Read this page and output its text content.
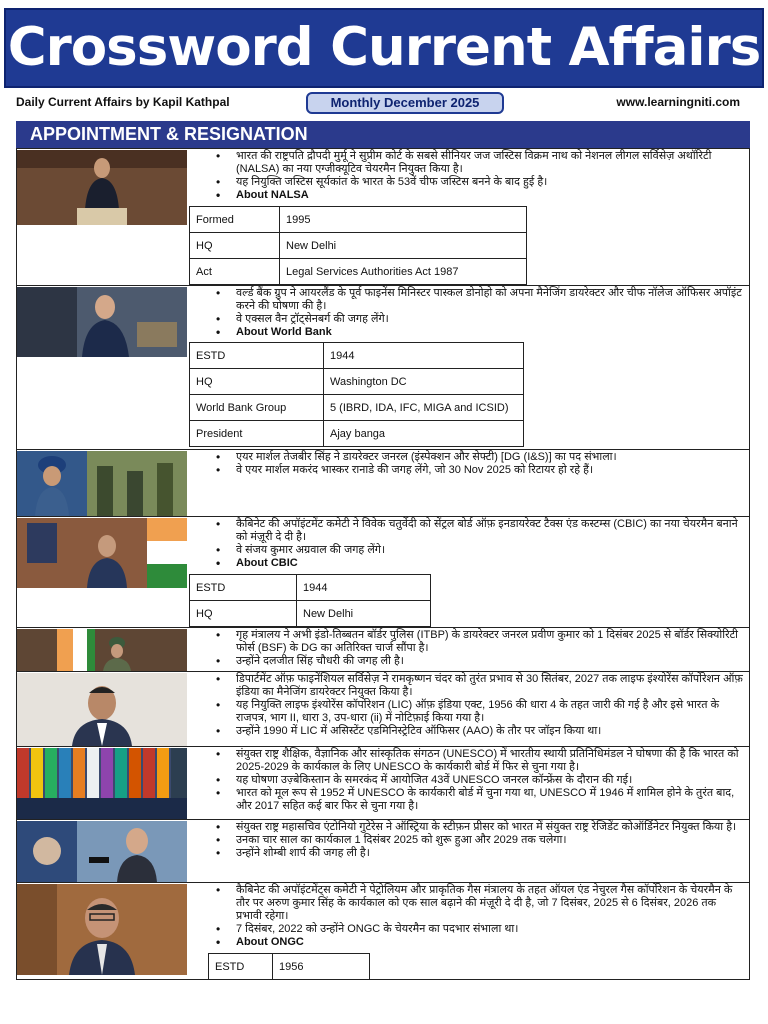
Crossword Current Affairs
Daily Current Affairs by Kapil Kathpal	Monthly December 2025	www.learningniti.com
APPOINTMENT & RESIGNATION
• भारत की राष्ट्रपति द्रौपदी मुर्मू ने सुप्रीम कोर्ट के सबसे सीनियर जज जस्टिस विक्रम नाथ को नेशनल लीगल सर्विसेज़ अथॉरिटी (NALSA) का नया एग्जीक्यूटिव चेयरमैन नियुक्त किया है।
• यह नियुक्ति जस्टिस सूर्यकांत के भारत के 53वें चीफ जस्टिस बनने के बाद हुई है।
• About NALSA
Formed	1995
HQ	New Delhi
Act	Legal Services Authorities Act 1987
• वर्ल्ड बैंक ग्रुप ने आयरलैंड के पूर्व फाइनेंस मिनिस्टर पास्कल डोनोहो को अपना मैनेजिंग डायरेक्टर और चीफ नॉलेज ऑफिसर अपॉइंट करने की घोषणा की है।
• वे एक्सल वैन ट्रॉट्सेनबर्ग की जगह लेंगे।
• About World Bank
ESTD	1944
HQ	Washington DC
World Bank Group	5 (IBRD, IDA, IFC, MIGA and ICSID)
President	Ajay banga
• एयर मार्शल तेजबीर सिंह ने डायरेक्टर जनरल (इंस्पेक्शन और सेफ्टी) [DG (I&S)] का पद संभाला।
• वे एयर मार्शल मकरंद भास्कर रानाडे की जगह लेंगे, जो 30 Nov 2025 को रिटायर हो रहे हैं।
• कैबिनेट की अपॉइंटमेंट कमेटी ने विवेक चतुर्वेदी को सेंट्रल बोर्ड ऑफ़ इनडायरेक्ट टैक्स एंड कस्टम्स (CBIC) का नया चेयरमैन बनाने को मंज़ूरी दे दी है।
• वे संजय कुमार अग्रवाल की जगह लेंगे।
• About CBIC
ESTD	1944
HQ	New Delhi
• गृह मंत्रालय ने अभी इंडो-तिब्बतन बॉर्डर पुलिस (ITBP) के डायरेक्टर जनरल प्रवीण कुमार को 1 दिसंबर 2025 से बॉर्डर सिक्योरिटी फोर्स (BSF) के DG का अतिरिक्त चार्ज सौंपा है।
• उन्होंने दलजीत सिंह चौधरी की जगह ली है।
• डिपार्टमेंट ऑफ़ फाइनेंशियल सर्विसेज़ ने रामकृष्णन चंदर को तुरंत प्रभाव से 30 सितंबर, 2027 तक लाइफ इंश्योरेंस कॉर्पोरेशन ऑफ़ इंडिया का मैनेजिंग डायरेक्टर नियुक्त किया है।
• यह नियुक्ति लाइफ इंश्योरेंस कॉर्पोरेशन (LIC) ऑफ़ इंडिया एक्ट, 1956 की धारा 4 के तहत जारी की गई है और इसे भारत के राजपत्र, भाग II, धारा 3, उप-धारा (ii) में नोटिफ़ाई किया गया है।
• उन्होंने 1990 में LIC में असिस्टेंट एडमिनिस्ट्रेटिव ऑफिसर (AAO) के तौर पर जॉइन किया था।
• संयुक्त राष्ट्र शैक्षिक, वैज्ञानिक और सांस्कृतिक संगठन (UNESCO) में भारतीय स्थायी प्रतिनिधिमंडल ने घोषणा की है कि भारत को 2025-2029 के कार्यकाल के लिए UNESCO के कार्यकारी बोर्ड में फिर से चुना गया है।
• यह घोषणा उज़्बेकिस्तान के समरकंद में आयोजित 43वें UNESCO जनरल कॉन्फ्रेंस के दौरान की गई।
• भारत को मूल रूप से 1952 में UNESCO के कार्यकारी बोर्ड में चुना गया था, UNESCO में 1946 में शामिल होने के तुरंत बाद, और 2017 सहित कई बार फिर से चुना गया है।
• संयुक्त राष्ट्र महासचिव एंटोनियो गुटेरेस ने ऑस्ट्रिया के स्टीफ़न प्रीसर को भारत में संयुक्त राष्ट्र रेजिडेंट कोऑर्डिनेटर नियुक्त किया है।
• उनका चार साल का कार्यकाल 1 दिसंबर 2025 को शुरू हुआ और 2029 तक चलेगा।
• उन्होंने शोम्बी शार्प की जगह ली है।
• कैबिनेट की अपॉइंटमेंट्स कमेटी ने पेट्रोलियम और प्राकृतिक गैस मंत्रालय के तहत ऑयल एंड नेचुरल गैस कॉर्पोरेशन के चेयरमैन के तौर पर अरुण कुमार सिंह के कार्यकाल को एक साल बढ़ाने की मंज़ूरी दे दी है, जो 7 दिसंबर, 2025 से 6 दिसंबर, 2026 तक प्रभावी रहेगा।
• 7 दिसंबर, 2022 को उन्होंने ONGC के चेयरमैन का पदभार संभाला था।
• About ONGC
ESTD	1956
